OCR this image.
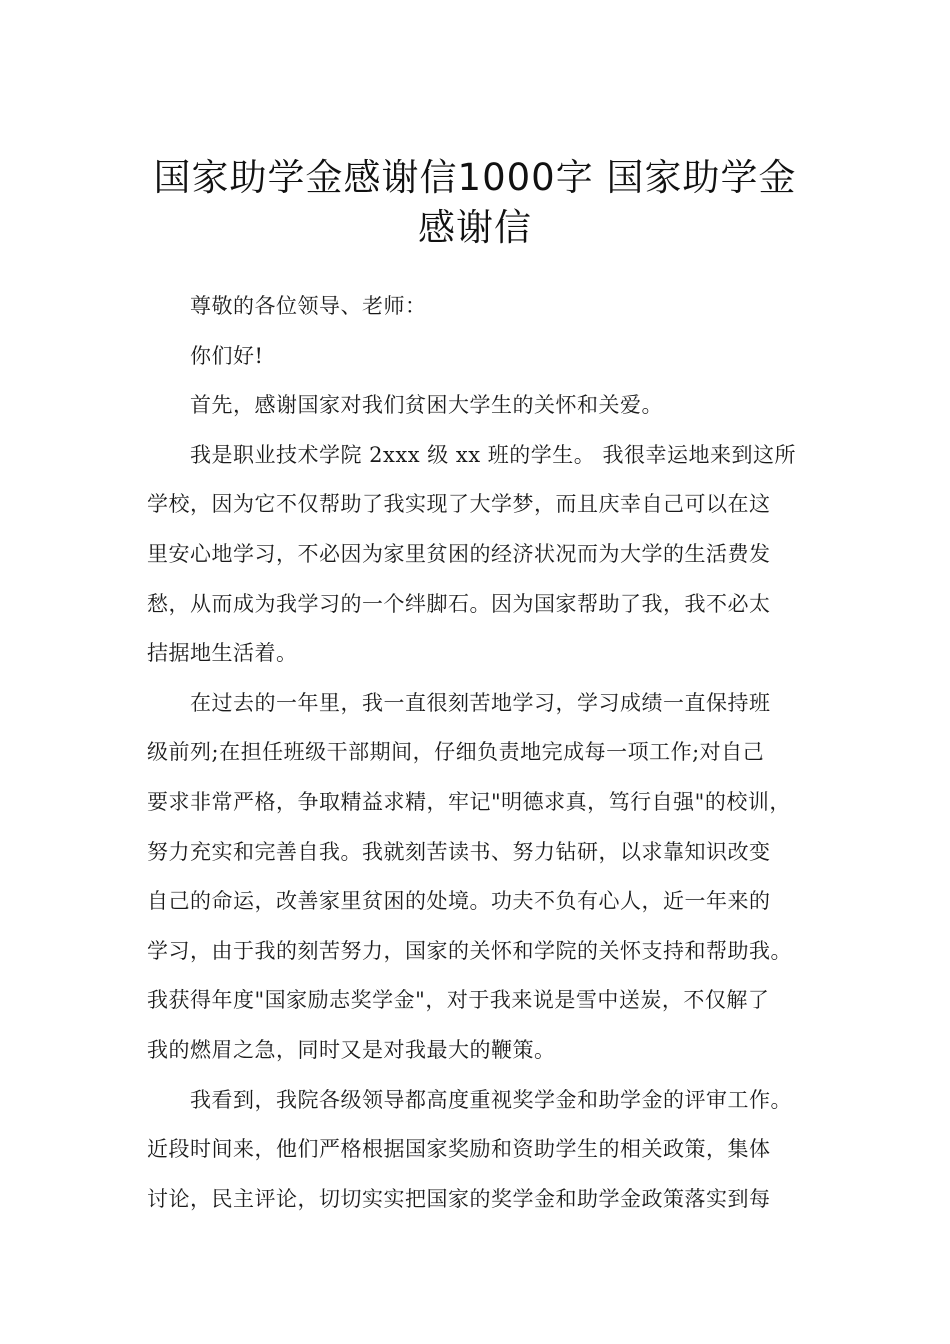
国家助学金感谢信1000字 国家助学金
感谢信
尊敬的各位领导、老师：
你们好!
首先，感谢国家对我们贫困大学生的关怀和关爱。
我是职业技术学院 2xxx 级 xx 班的学生。 我很幸运地来到这所
学校，因为它不仅帮助了我实现了大学梦，而且庆幸自己可以在这
里安心地学习，不必因为家里贫困的经济状况而为大学的生活费发
愁，从而成为我学习的一个绊脚石。因为国家帮助了我，我不必太
拮据地生活着。
在过去的一年里，我一直很刻苦地学习，学习成绩一直保持班
级前列;在担任班级干部期间，仔细负责地完成每一项工作;对自己
要求非常严格，争取精益求精，牢记"明德求真，笃行自强"的校训，
努力充实和完善自我。我就刻苦读书、努力钻研，以求靠知识改变
自己的命运，改善家里贫困的处境。功夫不负有心人，近一年来的
学习，由于我的刻苦努力，国家的关怀和学院的关怀支持和帮助我。
我获得年度"国家励志奖学金"，对于我来说是雪中送炭，不仅解了
我的燃眉之急，同时又是对我最大的鞭策。
我看到，我院各级领导都高度重视奖学金和助学金的评审工作。
近段时间来，他们严格根据国家奖励和资助学生的相关政策，集体
讨论，民主评论，切切实实把国家的奖学金和助学金政策落实到每
